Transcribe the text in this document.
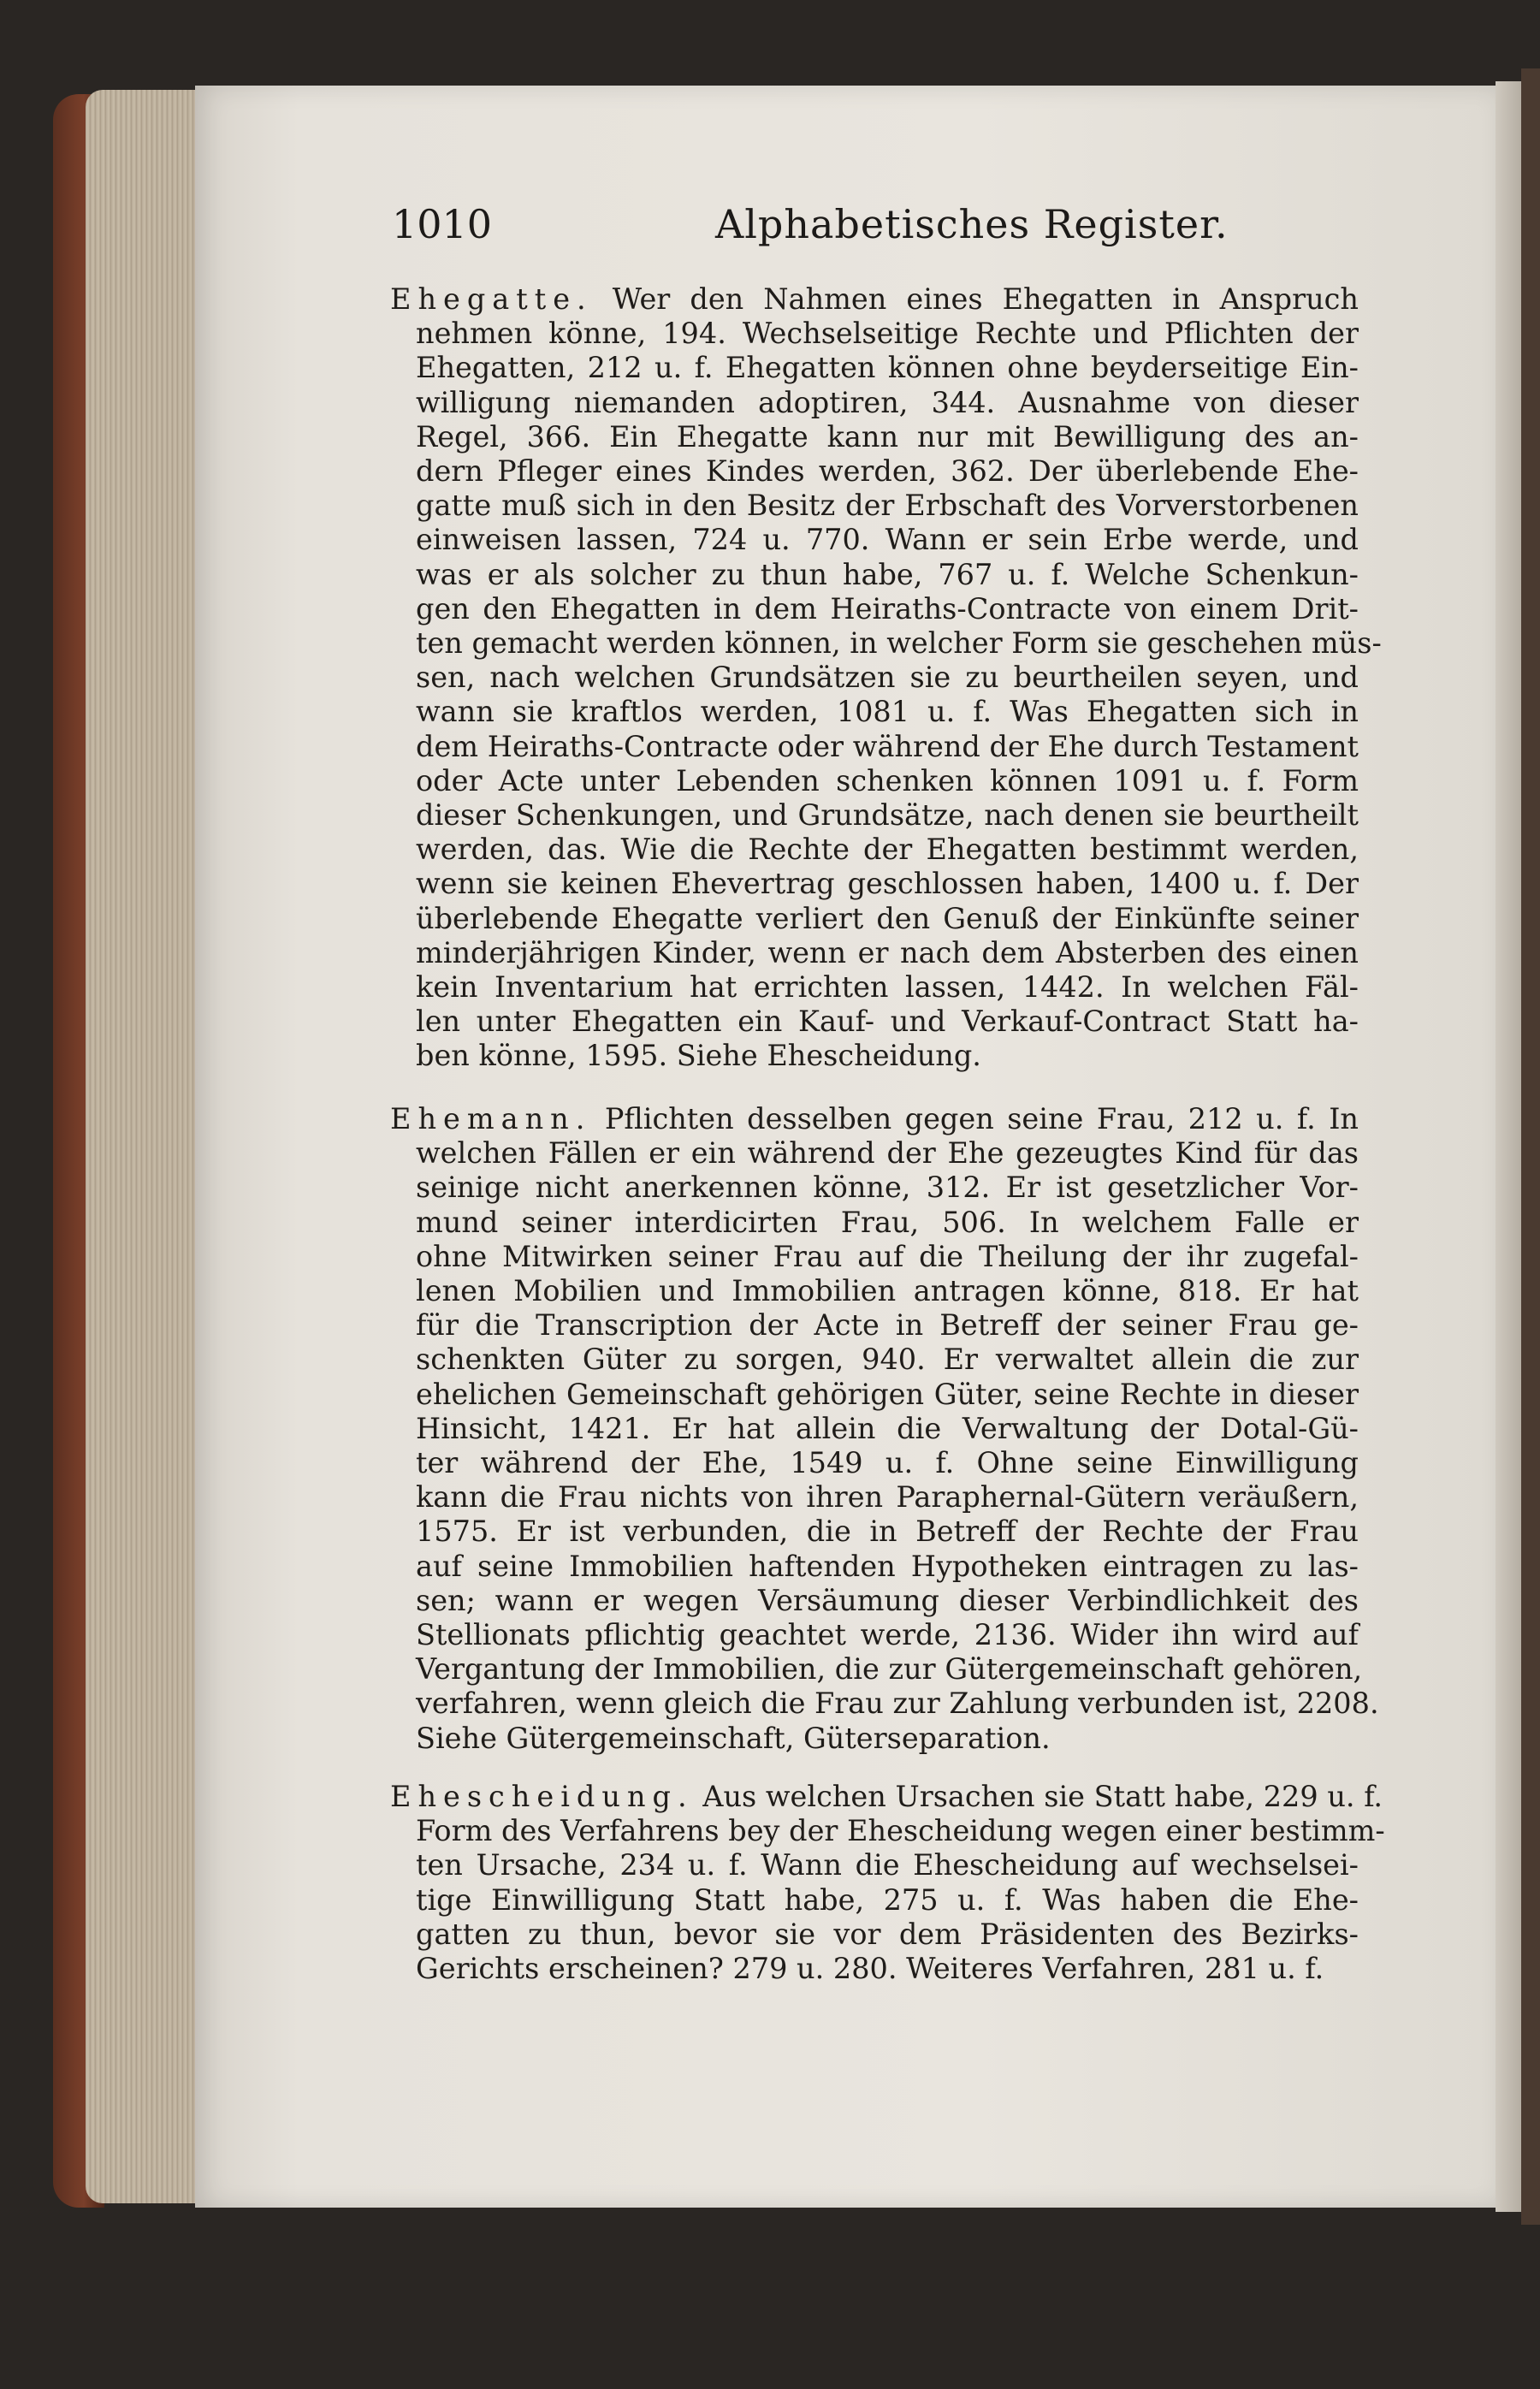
1010	Alphabetisches Register.
Ehegatte. Wer den Nahmen eines Ehegatten in Anspruch
nehmen könne, 194. Wechselseitige Rechte und Pflichten der
Ehegatten, 212 u. f. Ehegatten können ohne beyderseitige Ein-
willigung niemanden adoptiren, 344. Ausnahme von dieser
Regel, 366. Ein Ehegatte kann nur mit Bewilligung des an-
dern Pfleger eines Kindes werden, 362. Der überlebende Ehe-
gatte muß sich in den Besitz der Erbschaft des Vorverstorbenen
einweisen lassen, 724 u. 770. Wann er sein Erbe werde, und
was er als solcher zu thun habe, 767 u. f. Welche Schenkun-
gen den Ehegatten in dem Heiraths-Contracte von einem Drit-
ten gemacht werden können, in welcher Form sie geschehen müs-
sen, nach welchen Grundsätzen sie zu beurtheilen seyen, und
wann sie kraftlos werden, 1081 u. f. Was Ehegatten sich in
dem Heiraths-Contracte oder während der Ehe durch Testament
oder Acte unter Lebenden schenken können 1091 u. f. Form
dieser Schenkungen, und Grundsätze, nach denen sie beurtheilt
werden, das. Wie die Rechte der Ehegatten bestimmt werden,
wenn sie keinen Ehevertrag geschlossen haben, 1400 u. f. Der
überlebende Ehegatte verliert den Genuß der Einkünfte seiner
minderjährigen Kinder, wenn er nach dem Absterben des einen
kein Inventarium hat errichten lassen, 1442. In welchen Fäl-
len unter Ehegatten ein Kauf- und Verkauf-Contract Statt ha-
ben könne, 1595. Siehe Ehescheidung.
Ehemann. Pflichten desselben gegen seine Frau, 212 u. f. In
welchen Fällen er ein während der Ehe gezeugtes Kind für das
seinige nicht anerkennen könne, 312. Er ist gesetzlicher Vor-
mund seiner interdicirten Frau, 506. In welchem Falle er
ohne Mitwirken seiner Frau auf die Theilung der ihr zugefal-
lenen Mobilien und Immobilien antragen könne, 818. Er hat
für die Transcription der Acte in Betreff der seiner Frau ge-
schenkten Güter zu sorgen, 940. Er verwaltet allein die zur
ehelichen Gemeinschaft gehörigen Güter, seine Rechte in dieser
Hinsicht, 1421. Er hat allein die Verwaltung der Dotal-Gü-
ter während der Ehe, 1549 u. f. Ohne seine Einwilligung
kann die Frau nichts von ihren Paraphernal-Gütern veräußern,
1575. Er ist verbunden, die in Betreff der Rechte der Frau
auf seine Immobilien haftenden Hypotheken eintragen zu las-
sen; wann er wegen Versäumung dieser Verbindlichkeit des
Stellionats pflichtig geachtet werde, 2136. Wider ihn wird auf
Vergantung der Immobilien, die zur Gütergemeinschaft gehören,
verfahren, wenn gleich die Frau zur Zahlung verbunden ist, 2208.
Siehe Gütergemeinschaft, Güterseparation.
Ehescheidung. Aus welchen Ursachen sie Statt habe, 229 u. f.
Form des Verfahrens bey der Ehescheidung wegen einer bestimm-
ten Ursache, 234 u. f. Wann die Ehescheidung auf wechselsei-
tige Einwilligung Statt habe, 275 u. f. Was haben die Ehe-
gatten zu thun, bevor sie vor dem Präsidenten des Bezirks-
Gerichts erscheinen? 279 u. 280. Weiteres Verfahren, 281 u. f.
